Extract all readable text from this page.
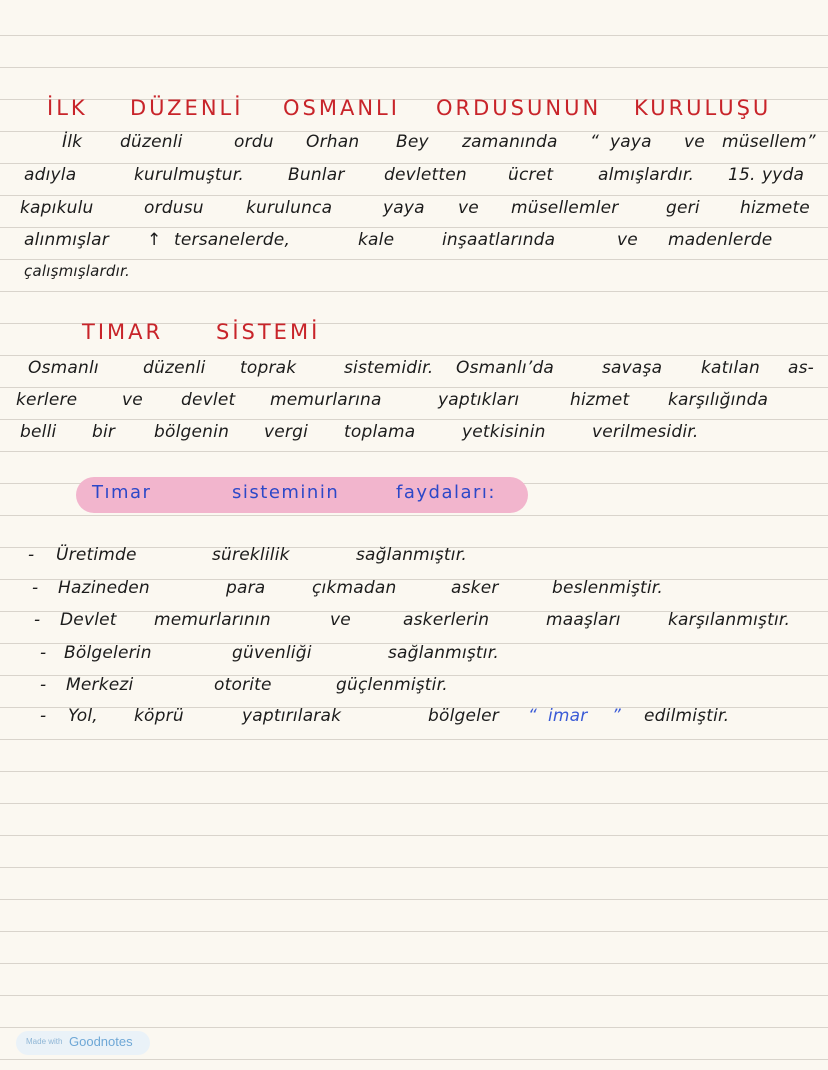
İLK DÜZENLİ OSMANLI ORDUSUNUN KURULUŞU
İlk düzenli	ordu Orhan Bey zamanında “ yaya ve müsellem”
adıyla	kurulmuştur.	Bunlar devletten ücret	almışlardır. 15. yyda
kapıkulu	ordusu kurulunca	yaya ve müsellemler	geri hizmete
alınmışlar ↑ tersanelerde,	kale	inşaatlarında	ve madenlerde
çalışmışlardır.
TIMAR	SİSTEMİ
Osmanlı	düzenli toprak	sistemidir. Osmanlı’da	savaşa katılan as-
kerlere	ve devlet memurlarına	yaptıkları	hizmet karşılığında
belli bir bölgenin vergi toplama	yetkisinin	verilmesidir.
Tımar	sisteminin	faydaları:
- Üretimde	süreklilik	sağlanmıştır.
- Hazineden	para	çıkmadan	asker	beslenmiştir.
- Devlet memurlarının	ve	askerlerin	maaşları	karşılanmıştır.
- Bölgelerin	güvenliği	sağlanmıştır.
- Merkezi	otorite	güçlenmiştir.
- Yol, köprü	yaptırılarak	bölgeler “ imar ” edilmiştir.
Made with Goodnotes
